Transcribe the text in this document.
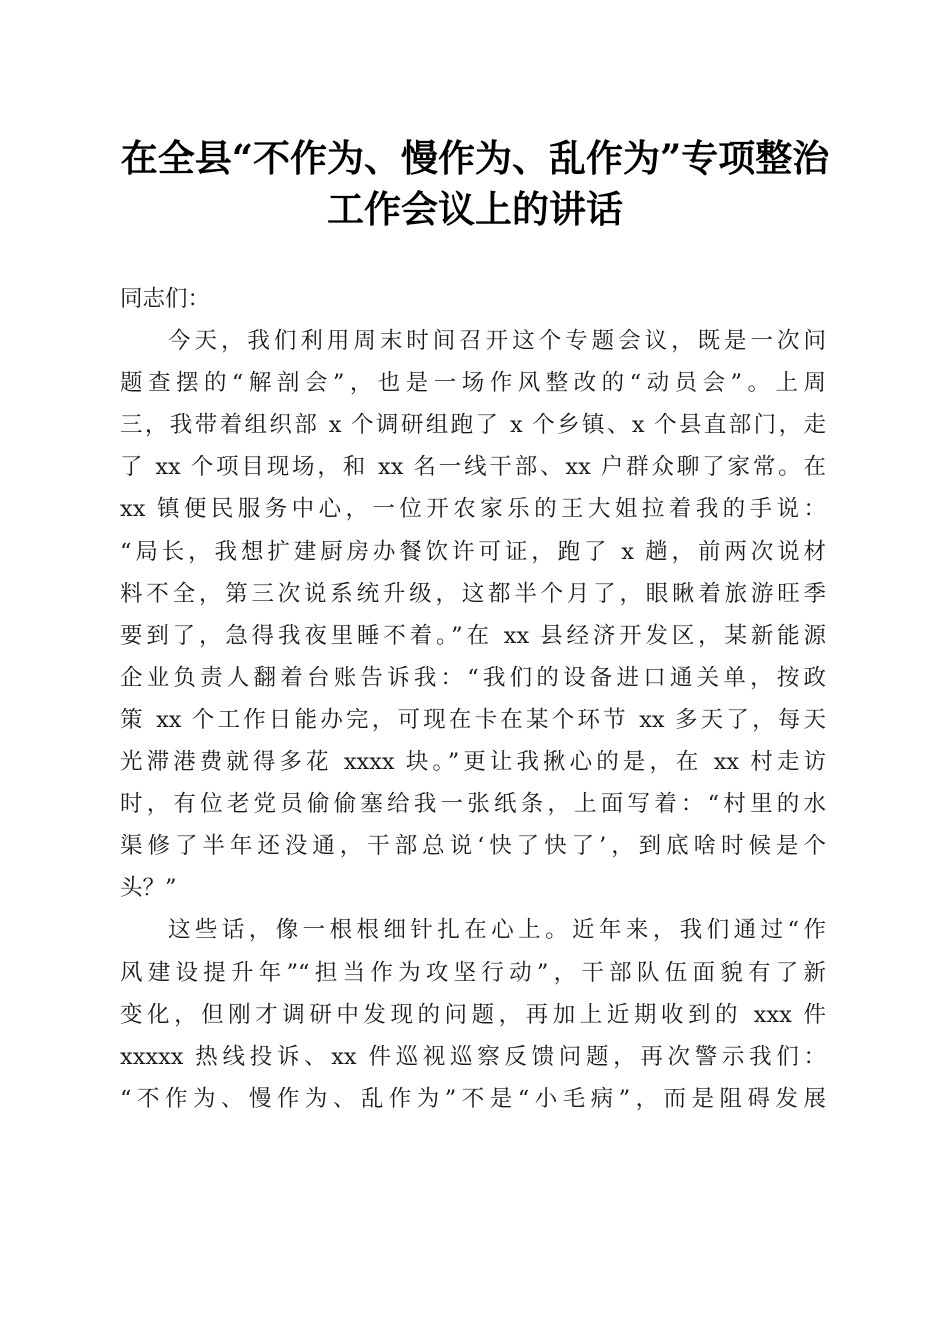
在全县“不作为、慢作为、乱作为”专项整治
工作会议上的讲话
同志们：
今天，我们利用周末时间召开这个专题会议，既是一次问
题查摆的“解剖会”，也是一场作风整改的“动员会”。上周
三，我带着组织部 x 个调研组跑了 x 个乡镇、x 个县直部门，走
了 xx 个项目现场，和 xx 名一线干部、xx 户群众聊了家常。在
xx 镇便民服务中心，一位开农家乐的王大姐拉着我的手说：
“局长，我想扩建厨房办餐饮许可证，跑了 x 趟，前两次说材
料不全，第三次说系统升级，这都半个月了，眼瞅着旅游旺季
要到了，急得我夜里睡不着。”在 xx 县经济开发区，某新能源
企业负责人翻着台账告诉我：“我们的设备进口通关单，按政
策 xx 个工作日能办完，可现在卡在某个环节 xx 多天了，每天
光滞港费就得多花 xxxx 块。”更让我揪心的是，在 xx 村走访
时，有位老党员偷偷塞给我一张纸条，上面写着：“村里的水
渠修了半年还没通，干部总说‘快了快了’，到底啥时候是个
头？”
这些话，像一根根细针扎在心上。近年来，我们通过“作
风建设提升年”“担当作为攻坚行动”，干部队伍面貌有了新
变化，但刚才调研中发现的问题，再加上近期收到的 xxx 件
xxxxx 热线投诉、xx 件巡视巡察反馈问题，再次警示我们：
“不作为、慢作为、乱作为”不是“小毛病”，而是阻碍发展
